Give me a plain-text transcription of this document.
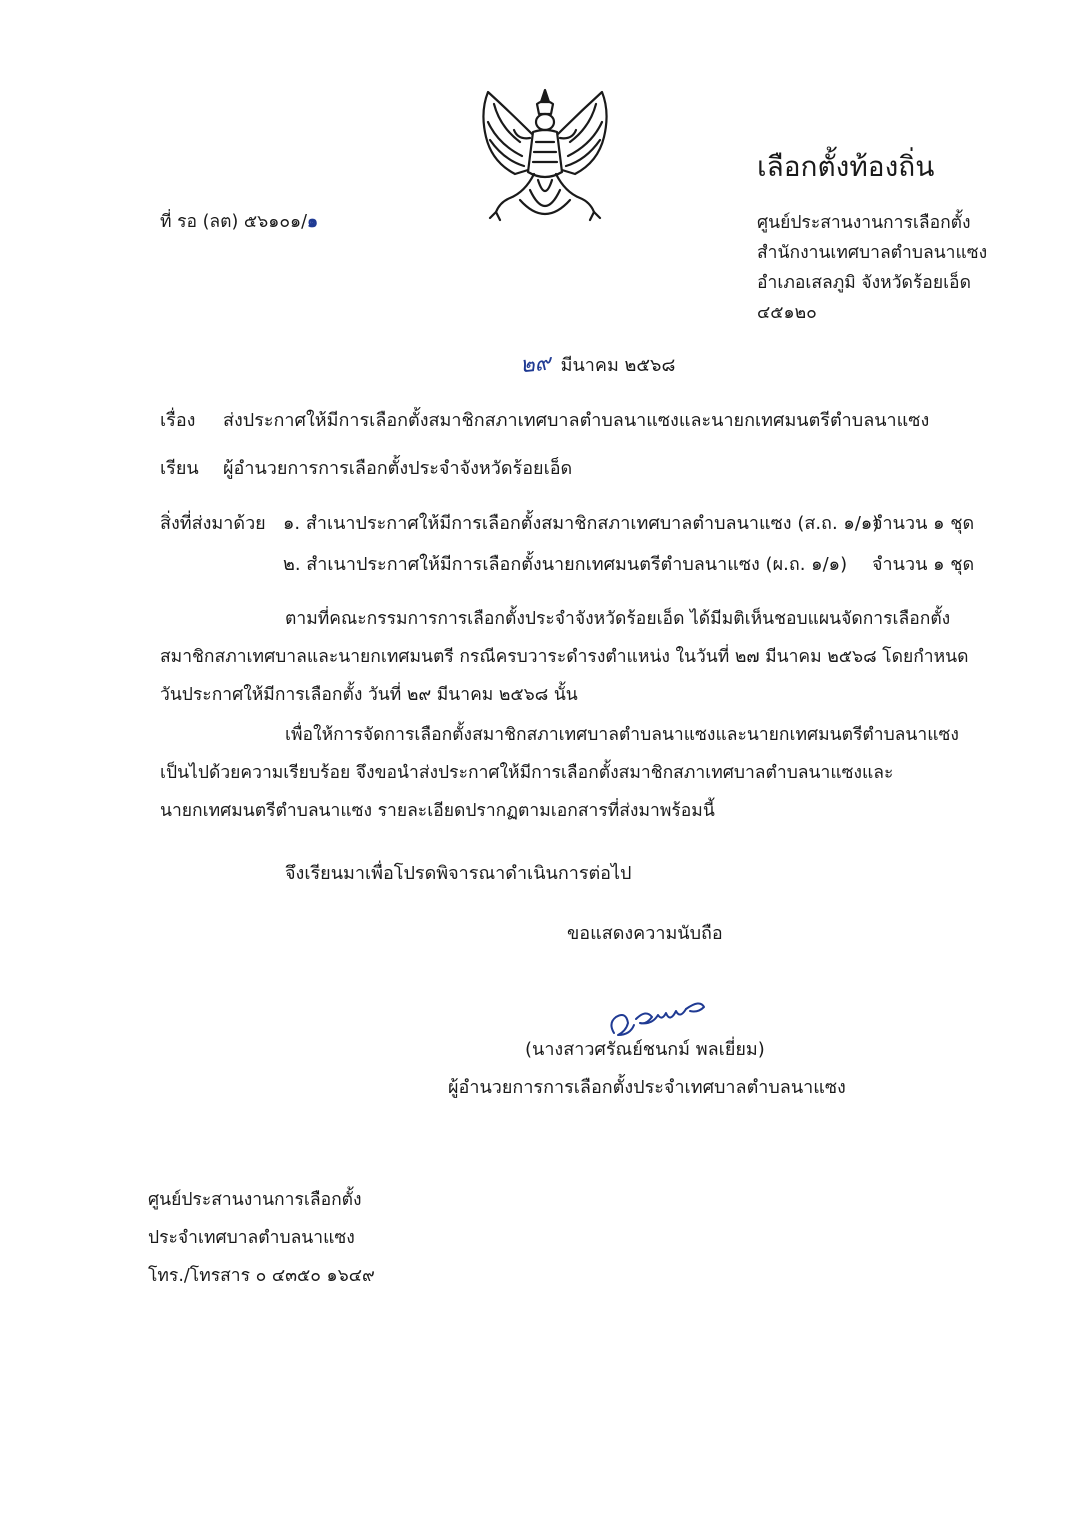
เลือกตั้งท้องถิ่น
ศูนย์ประสานงานการเลือกตั้ง
สำนักงานเทศบาลตำบลนาแซง
อำเภอเสลภูมิ จังหวัดร้อยเอ็ด
๔๕๑๒๐
ที่ รอ (ลต) ๕๖๑๐๑/๑
๒๙ มีนาคม ๒๕๖๘
เรื่อง ส่งประกาศให้มีการเลือกตั้งสมาชิกสภาเทศบาลตำบลนาแซงและนายกเทศมนตรีตำบลนาแซง
เรียน ผู้อำนวยการการเลือกตั้งประจำจังหวัดร้อยเอ็ด
สิ่งที่ส่งมาด้วย ๑. สำเนาประกาศให้มีการเลือกตั้งสมาชิกสภาเทศบาลตำบลนาแซง (ส.ถ. ๑/๑)
จำนวน ๑ ชุด
๒. สำเนาประกาศให้มีการเลือกตั้งนายกเทศมนตรีตำบลนาแซง (ผ.ถ. ๑/๑) จำนวน ๑ ชุด
ตามที่คณะกรรมการการเลือกตั้งประจำจังหวัดร้อยเอ็ด ได้มีมติเห็นชอบแผนจัดการเลือกตั้ง
สมาชิกสภาเทศบาลและนายกเทศมนตรี กรณีครบวาระดำรงตำแหน่ง ในวันที่ ๒๗ มีนาคม ๒๕๖๘ โดยกำหนด
วันประกาศให้มีการเลือกตั้ง วันที่ ๒๙ มีนาคม ๒๕๖๘ นั้น
เพื่อให้การจัดการเลือกตั้งสมาชิกสภาเทศบาลตำบลนาแซงและนายกเทศมนตรีตำบลนาแซง
เป็นไปด้วยความเรียบร้อย จึงขอนำส่งประกาศให้มีการเลือกตั้งสมาชิกสภาเทศบาลตำบลนาแซงและ
นายกเทศมนตรีตำบลนาแซง รายละเอียดปรากฏตามเอกสารที่ส่งมาพร้อมนี้
จึงเรียนมาเพื่อโปรดพิจารณาดำเนินการต่อไป
ขอแสดงความนับถือ
(นางสาวศรัณย์ชนกม์ พลเยี่ยม)
ผู้อำนวยการการเลือกตั้งประจำเทศบาลตำบลนาแซง
ศูนย์ประสานงานการเลือกตั้ง
ประจำเทศบาลตำบลนาแซง
โทร./โทรสาร ๐ ๔๓๕๐ ๑๖๔๙
